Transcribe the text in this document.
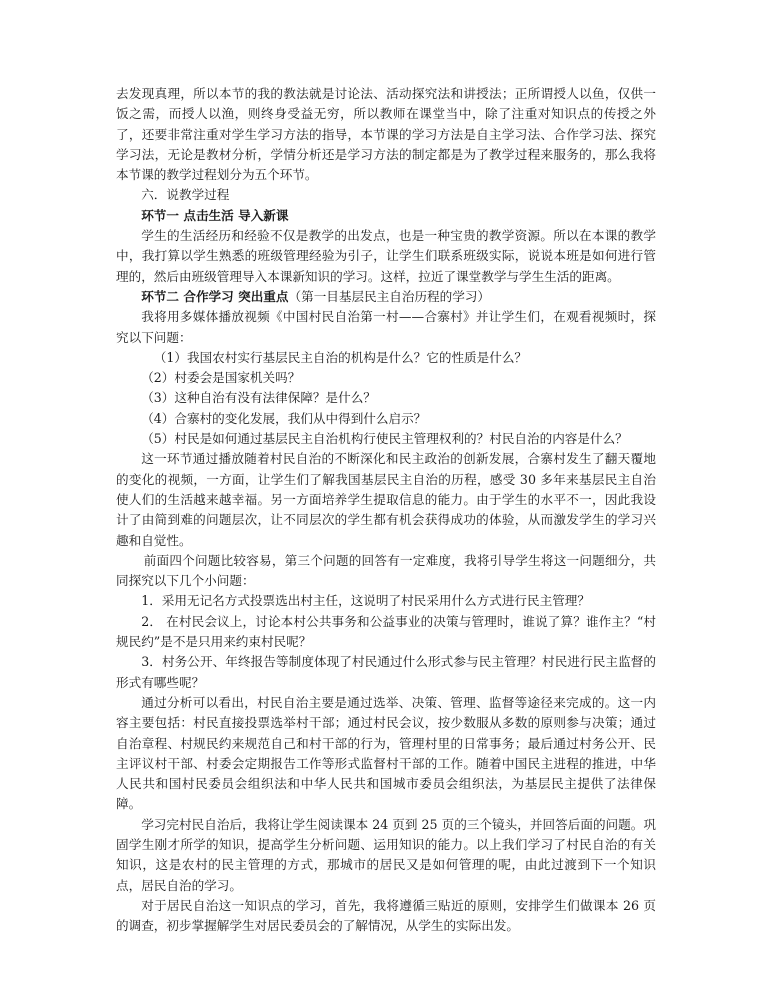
去发现真理，所以本节的我的教法就是讨论法、活动探究法和讲授法；正所谓授人以鱼，仅供一饭之需，而授人以渔，则终身受益无穷，所以教师在课堂当中，除了注重对知识点的传授之外了，还要非常注重对学生学习方法的指导，本节课的学习方法是自主学习法、合作学习法、探究学习法，无论是教材分析，学情分析还是学习方法的制定都是为了教学过程来服务的，那么我将本节课的教学过程划分为五个环节。

六．说教学过程

环节一 点击生活 导入新课

学生的生活经历和经验不仅是教学的出发点，也是一种宝贵的教学资源。所以在本课的教学中，我打算以学生熟悉的班级管理经验为引子，让学生们联系班级实际，说说本班是如何进行管理的，然后由班级管理导入本课新知识的学习。这样，拉近了课堂教学与学生生活的距离。

环节二 合作学习 突出重点（第一目基层民主自治历程的学习）

我将用多媒体播放视频《中国村民自治第一村——合寨村》并让学生们，在观看视频时，探究以下问题：

（1）我国农村实行基层民主自治的机构是什么？它的性质是什么？

（2）村委会是国家机关吗？

（3）这种自治有没有法律保障？是什么？

（4）合寨村的变化发展，我们从中得到什么启示？

（5）村民是如何通过基层民主自治机构行使民主管理权利的？村民自治的内容是什么？

这一环节通过播放随着村民自治的不断深化和民主政治的创新发展，合寨村发生了翻天覆地的变化的视频，一方面，让学生们了解我国基层民主自治的历程，感受 30 多年来基层民主自治使人们的生活越来越幸福。另一方面培养学生提取信息的能力。由于学生的水平不一，因此我设计了由简到难的问题层次，让不同层次的学生都有机会获得成功的体验，从而激发学生的学习兴趣和自觉性。

前面四个问题比较容易，第三个问题的回答有一定难度，我将引导学生将这一问题细分，共同探究以下几个小问题：

1．采用无记名方式投票选出村主任，这说明了村民采用什么方式进行民主管理？

2． 在村民会议上，讨论本村公共事务和公益事业的决策与管理时，谁说了算？谁作主？“村规民约”是不是只用来约束村民呢？

3．村务公开、年终报告等制度体现了村民通过什么形式参与民主管理？村民进行民主监督的形式有哪些呢？

通过分析可以看出，村民自治主要是通过选举、决策、管理、监督等途径来完成的。这一内容主要包括：村民直接投票选举村干部；通过村民会议，按少数服从多数的原则参与决策；通过自治章程、村规民约来规范自己和村干部的行为，管理村里的日常事务；最后通过村务公开、民主评议村干部、村委会定期报告工作等形式监督村干部的工作。随着中国民主进程的推进，中华人民共和国村民委员会组织法和中华人民共和国城市委员会组织法，为基层民主提供了法律保障。

学习完村民自治后，我将让学生阅读课本 24 页到 25 页的三个镜头，并回答后面的问题。巩固学生刚才所学的知识，提高学生分析问题、运用知识的能力。以上我们学习了村民自治的有关知识，这是农村的民主管理的方式，那城市的居民又是如何管理的呢，由此过渡到下一个知识点，居民自治的学习。

对于居民自治这一知识点的学习，首先，我将遵循三贴近的原则，安排学生们做课本 26 页的调查，初步掌握解学生对居民委员会的了解情况，从学生的实际出发。
